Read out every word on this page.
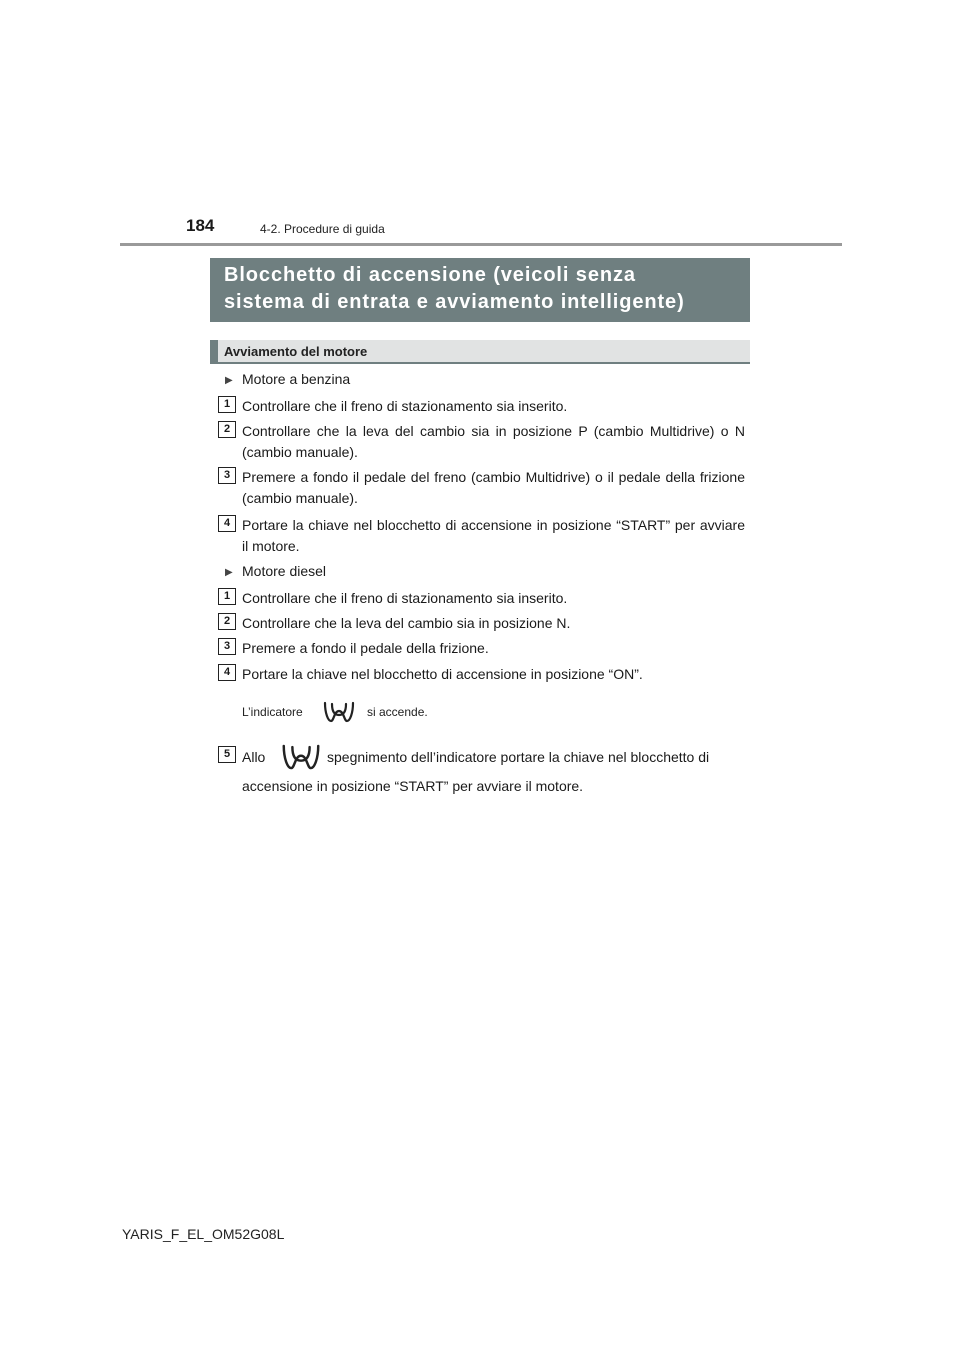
184	4-2. Procedure di guida
Blocchetto di accensione (veicoli senza
sistema di entrata e avviamento intelligente)
Avviamento del motore
▶ Motore a benzina
1 Controllare che il freno di stazionamento sia inserito.
2 Controllare che la leva del cambio sia in posizione P (cambio Multidrive) o N (cambio manuale).
3 Premere a fondo il pedale del freno (cambio Multidrive) o il pedale della frizione (cambio manuale).
4 Portare la chiave nel blocchetto di accensione in posizione “START” per avviare il motore.
▶ Motore diesel
1 Controllare che il freno di stazionamento sia inserito.
2 Controllare che la leva del cambio sia in posizione N.
3 Premere a fondo il pedale della frizione.
4 Portare la chiave nel blocchetto di accensione in posizione “ON”.
L’indicatore	si accende.
5 Allo	spegnimento dell’indicatore portare la chiave nel blocchetto di
accensione in posizione “START” per avviare il motore.
YARIS_F_EL_OM52G08L
